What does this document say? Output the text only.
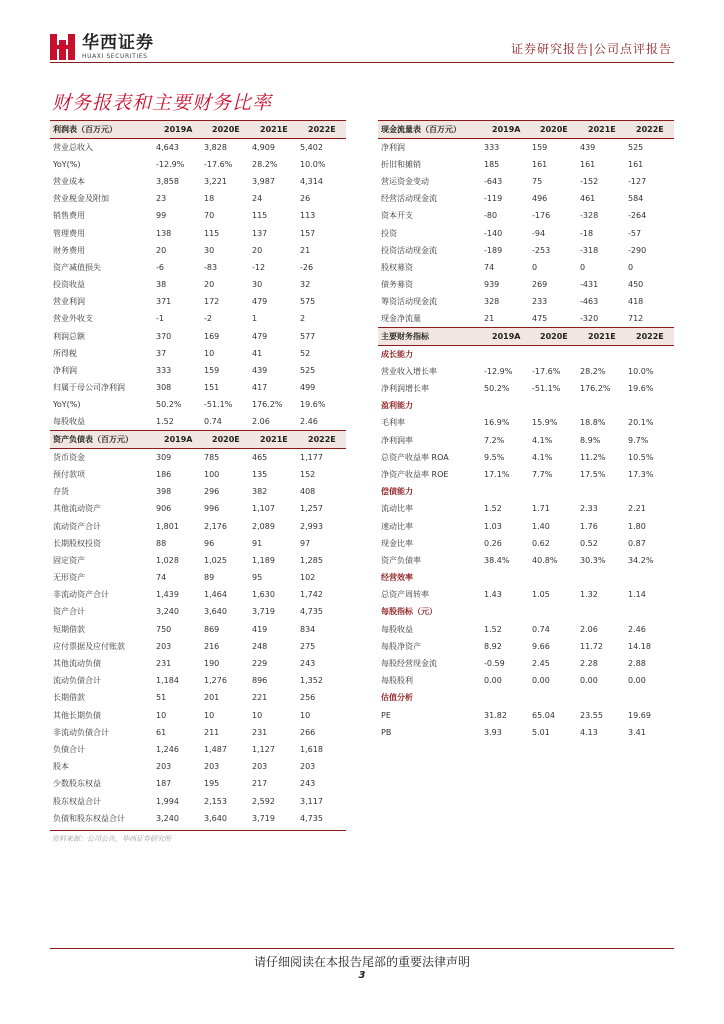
华西证券
HUAXI SECURITIES
证券研究报告|公司点评报告
财务报表和主要财务比率
利润表（百万元）	2019A	2020E	2021E	2022E
营业总收入	4,643	3,828	4,909	5,402
YoY(%)	-12.9%	-17.6%	28.2%	10.0%
营业成本	3,858	3,221	3,987	4,314
营业税金及附加	23	18	24	26
销售费用	99	70	115	113
管理费用	138	115	137	157
财务费用	20	30	20	21
资产减值损失	-6	-83	-12	-26
投资收益	38	20	30	32
营业利润	371	172	479	575
营业外收支	-1	-2	1	2
利润总额	370	169	479	577
所得税	37	10	41	52
净利润	333	159	439	525
归属于母公司净利润	308	151	417	499
YoY(%)	50.2%	-51.1%	176.2%	19.6%
每股收益	1.52	0.74	2.06	2.46
资产负债表（百万元）	2019A	2020E	2021E	2022E
货币资金	309	785	465	1,177
预付款项	186	100	135	152
存货	398	296	382	408
其他流动资产	906	996	1,107	1,257
流动资产合计	1,801	2,176	2,089	2,993
长期股权投资	88	96	91	97
固定资产	1,028	1,025	1,189	1,285
无形资产	74	89	95	102
非流动资产合计	1,439	1,464	1,630	1,742
资产合计	3,240	3,640	3,719	4,735
短期借款	750	869	419	834
应付票据及应付账款	203	216	248	275
其他流动负债	231	190	229	243
流动负债合计	1,184	1,276	896	1,352
长期借款	51	201	221	256
其他长期负债	10	10	10	10
非流动负债合计	61	211	231	266
负债合计	1,246	1,487	1,127	1,618
股本	203	203	203	203
少数股东权益	187	195	217	243
股东权益合计	1,994	2,153	2,592	3,117
负债和股东权益合计	3,240	3,640	3,719	4,735
现金流量表（百万元）	2019A	2020E	2021E	2022E
净利润	333	159	439	525
折旧和摊销	185	161	161	161
营运资金变动	-643	75	-152	-127
经营活动现金流	-119	496	461	584
资本开支	-80	-176	-328	-264
投资	-140	-94	-18	-57
投资活动现金流	-189	-253	-318	-290
股权募资	74	0	0	0
债务募资	939	269	-431	450
筹资活动现金流	328	233	-463	418
现金净流量	21	475	-320	712
主要财务指标	2019A	2020E	2021E	2022E
成长能力				
营业收入增长率	-12.9%	-17.6%	28.2%	10.0%
净利润增长率	50.2%	-51.1%	176.2%	19.6%
盈利能力				
毛利率	16.9%	15.9%	18.8%	20.1%
净利润率	7.2%	4.1%	8.9%	9.7%
总资产收益率 ROA	9.5%	4.1%	11.2%	10.5%
净资产收益率 ROE	17.1%	7.7%	17.5%	17.3%
偿债能力				
流动比率	1.52	1.71	2.33	2.21
速动比率	1.03	1.40	1.76	1.80
现金比率	0.26	0.62	0.52	0.87
资产负债率	38.4%	40.8%	30.3%	34.2%
经营效率				
总资产周转率	1.43	1.05	1.32	1.14
每股指标（元）				
每股收益	1.52	0.74	2.06	2.46
每股净资产	8.92	9.66	11.72	14.18
每股经营现金流	-0.59	2.45	2.28	2.88
每股股利	0.00	0.00	0.00	0.00
估值分析				
PE	31.82	65.04	23.55	19.69
PB	3.93	5.01	4.13	3.41
资料来源：公司公告，华西证券研究所
请仔细阅读在本报告尾部的重要法律声明
3
